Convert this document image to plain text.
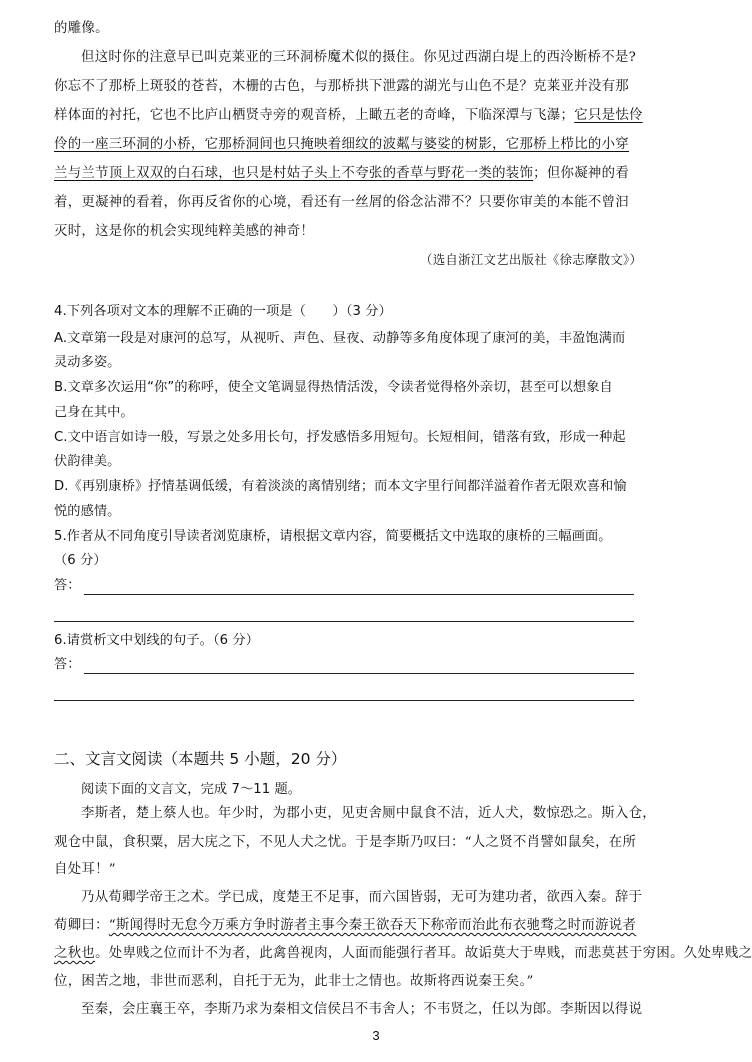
的雕像。
但这时你的注意早已叫克莱亚的三环洞桥魔术似的摄住。你见过西湖白堤上的西泠断桥不是?
你忘不了那桥上斑驳的苍苔，木栅的古色，与那桥拱下泄露的湖光与山色不是？克莱亚并没有那
样体面的衬托，它也不比庐山栖贤寺旁的观音桥，上瞰五老的奇峰，下临深潭与飞瀑；它只是怯伶
伶的一座三环洞的小桥，它那桥洞间也只掩映着细纹的波粼与婆娑的树影，它那桥上栉比的小穿
兰与兰节顶上双双的白石球，也只是村姑子头上不夸张的香草与野花一类的装饰；但你凝神的看
着，更凝神的看着，你再反省你的心境，看还有一丝屑的俗念沾滞不？只要你审美的本能不曾汩
灭时，这是你的机会实现纯粹美感的神奇！
（选自浙江文艺出版社《徐志摩散文》）
4.下列各项对文本的理解不正确的一项是（　　）（3 分）
A.文章第一段是对康河的总写，从视听、声色、昼夜、动静等多角度体现了康河的美，丰盈饱满而
灵动多姿。
B.文章多次运用“你”的称呼，使全文笔调显得热情活泼，令读者觉得格外亲切，甚至可以想象自
己身在其中。
C.文中语言如诗一般，写景之处多用长句，抒发感悟多用短句。长短相间，错落有致，形成一种起
伏韵律美。
D.《再别康桥》抒情基调低缓，有着淡淡的离情别绪；而本文字里行间都洋溢着作者无限欢喜和愉
悦的感情。
5.作者从不同角度引导读者浏览康桥，请根据文章内容，简要概括文中选取的康桥的三幅画面。
（6 分）
答：
6.请赏析文中划线的句子。（6 分）
答：
二、文言文阅读（本题共 5 小题，20 分）
阅读下面的文言文，完成 7～11 题。
李斯者，楚上蔡人也。年少时，为郡小吏，见吏舍厕中鼠食不洁，近人犬，数惊恐之。斯入仓，
观仓中鼠，食积粟，居大庑之下，不见人犬之忧。于是李斯乃叹曰：“人之贤不肖譬如鼠矣，在所
自处耳！”
乃从荀卿学帝王之术。学已成，度楚王不足事，而六国皆弱，无可为建功者，欲西入秦。辞于
荀卿曰：“斯闻得时无怠今万乘方争时游者主事今秦王欲吞天下称帝而治此布衣驰骛之时而游说者
之秋也。处卑贱之位而计不为者，此禽兽视肉，人面而能强行者耳。故诟莫大于卑贱，而悲莫甚于穷困。久处卑贱之
位，困苦之地，非世而恶利，自托于无为，此非士之情也。故斯将西说秦王矣。”
至秦，会庄襄王卒，李斯乃求为秦相文信侯吕不韦舍人；不韦贤之，任以为郎。李斯因以得说
3
